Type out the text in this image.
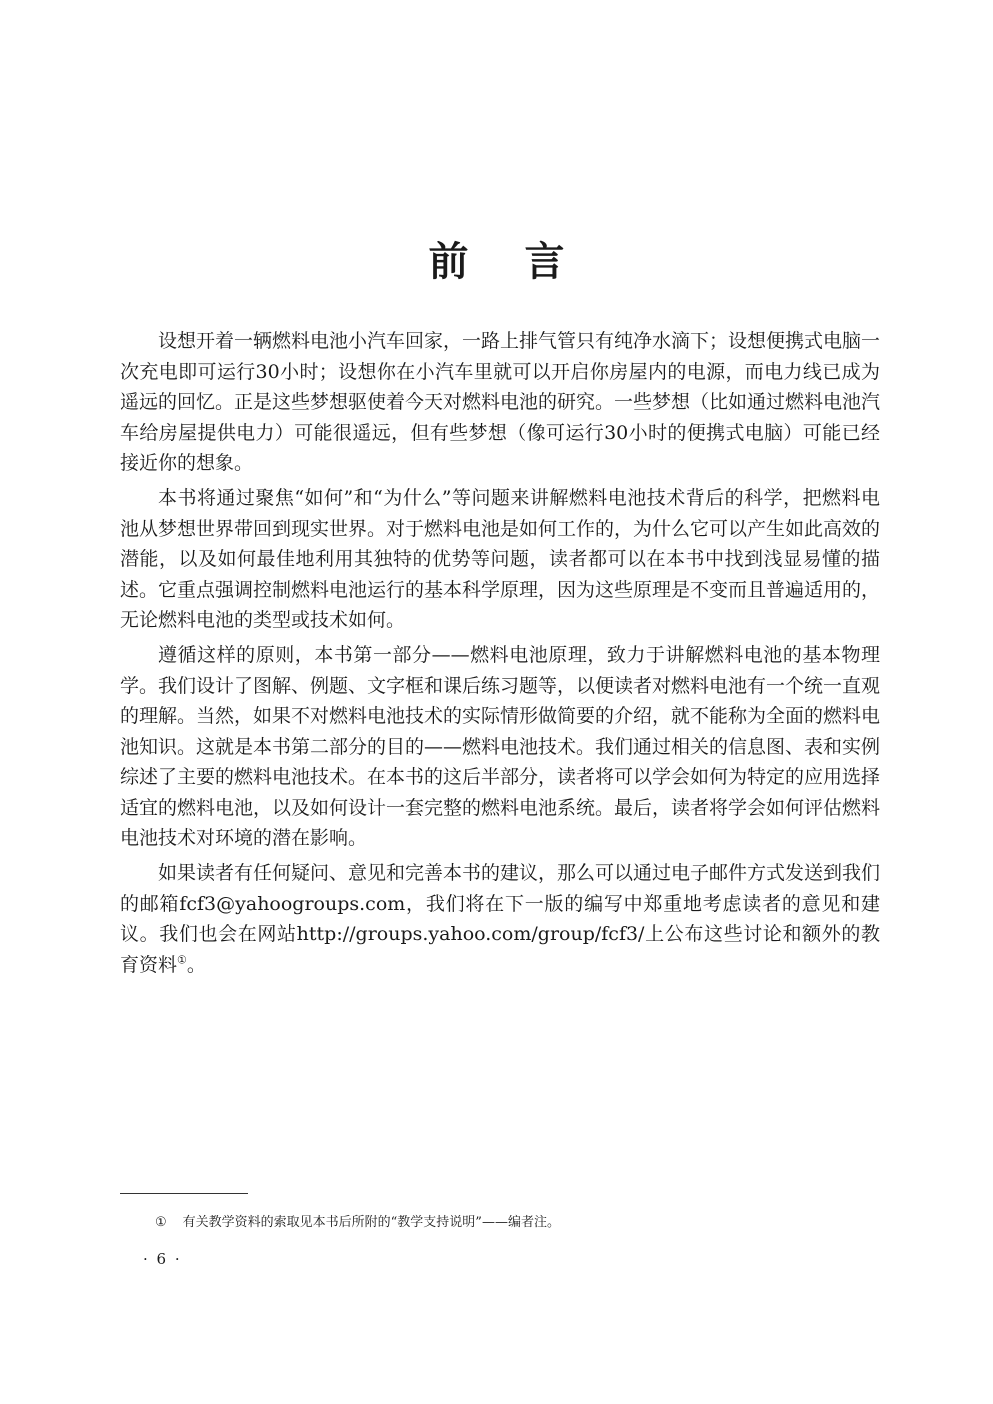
前言

设想开着一辆燃料电池小汽车回家，一路上排气管只有纯净水滴下；设想便携式电脑一次充电即可运行30小时；设想你在小汽车里就可以开启你房屋内的电源，而电力线已成为遥远的回忆。正是这些梦想驱使着今天对燃料电池的研究。一些梦想（比如通过燃料电池汽车给房屋提供电力）可能很遥远，但有些梦想（像可运行30小时的便携式电脑）可能已经接近你的想象。

本书将通过聚焦“如何”和“为什么”等问题来讲解燃料电池技术背后的科学，把燃料电池从梦想世界带回到现实世界。对于燃料电池是如何工作的，为什么它可以产生如此高效的潜能，以及如何最佳地利用其独特的优势等问题，读者都可以在本书中找到浅显易懂的描述。它重点强调控制燃料电池运行的基本科学原理，因为这些原理是不变而且普遍适用的，无论燃料电池的类型或技术如何。

遵循这样的原则，本书第一部分——燃料电池原理，致力于讲解燃料电池的基本物理学。我们设计了图解、例题、文字框和课后练习题等，以便读者对燃料电池有一个统一直观的理解。当然，如果不对燃料电池技术的实际情形做简要的介绍，就不能称为全面的燃料电池知识。这就是本书第二部分的目的——燃料电池技术。我们通过相关的信息图、表和实例综述了主要的燃料电池技术。在本书的这后半部分，读者将可以学会如何为特定的应用选择适宜的燃料电池，以及如何设计一套完整的燃料电池系统。最后，读者将学会如何评估燃料电池技术对环境的潜在影响。

如果读者有任何疑问、意见和完善本书的建议，那么可以通过电子邮件方式发送到我们的邮箱fcf3@yahoogroups.com，我们将在下一版的编写中郑重地考虑读者的意见和建议。我们也会在网站http://groups.yahoo.com/group/fcf3/上公布这些讨论和额外的教育资料①。

① 有关教学资料的索取见本书后所附的“教学支持说明”——编者注。
· 6 ·
